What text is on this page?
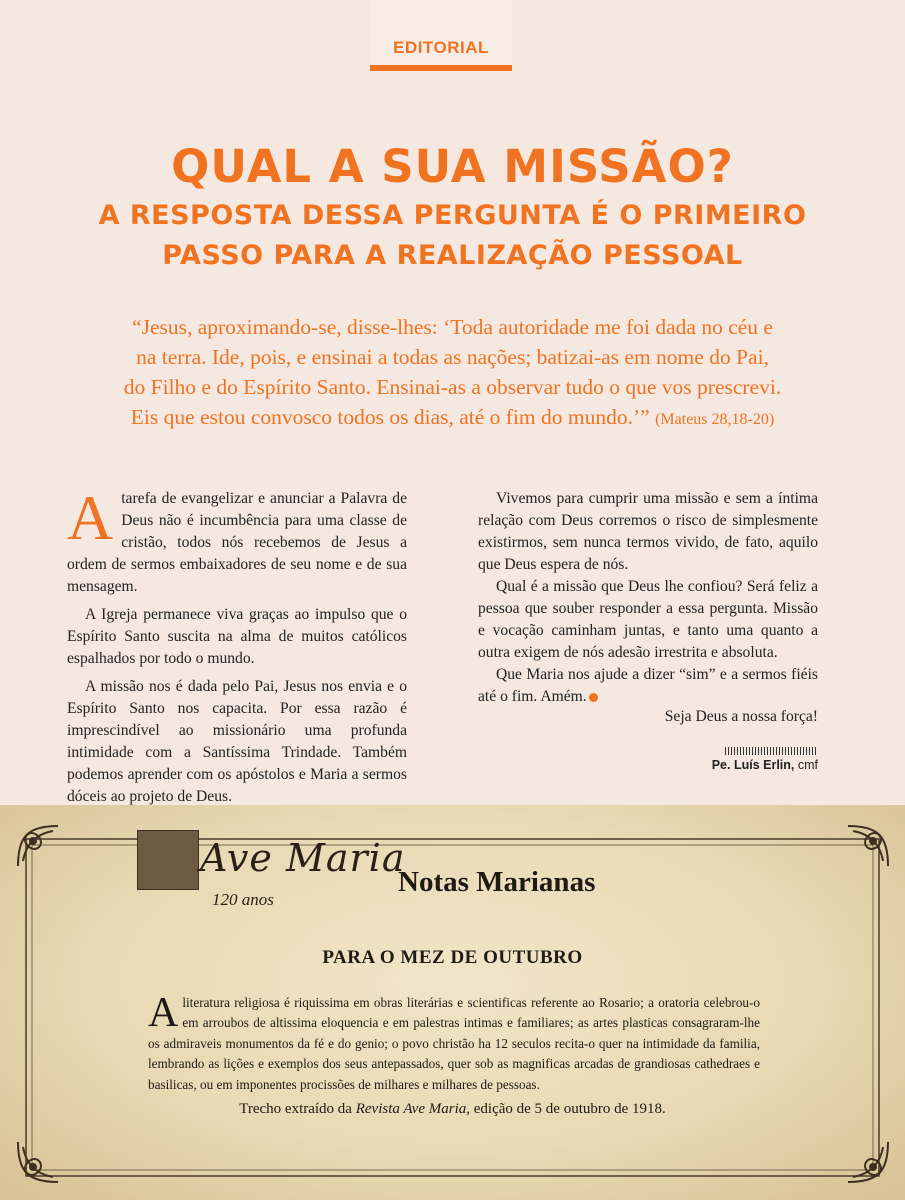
EDITORIAL
QUAL A SUA MISSÃO?
A RESPOSTA DESSA PERGUNTA É O PRIMEIRO
PASSO PARA A REALIZAÇÃO PESSOAL
“Jesus, aproximando-se, disse-lhes: ‘Toda autoridade me foi dada no céu e
na terra. Ide, pois, e ensinai a todas as nações; batizai-as em nome do Pai,
do Filho e do Espírito Santo. Ensinai-as a observar tudo o que vos prescrevi.
Eis que estou convosco todos os dias, até o fim do mundo.’” (Mateus 28,18-20)

Atarefa de evangelizar e anunciar a Palavra de Deus não é incumbência para uma classe de cristão, todos nós recebemos de Jesus a ordem de sermos embaixadores de seu nome e de sua mensagem.

A Igreja permanece viva graças ao impulso que o Espírito Santo suscita na alma de muitos católicos espalhados por todo o mundo.

A missão nos é dada pelo Pai, Jesus nos envia e o Espírito Santo nos capacita. Por essa razão é imprescindível ao missionário uma profunda intimidade com a Santíssima Trindade. Também podemos aprender com os apóstolos e Maria a sermos dóceis ao projeto de Deus.

Vivemos para cumprir uma missão e sem a íntima relação com Deus corremos o risco de simplesmente existirmos, sem nunca termos vivido, de fato, aquilo que Deus espera de nós.

Qual é a missão que Deus lhe confiou? Será feliz a pessoa que souber responder a essa pergunta. Missão e vocação caminham juntas, e tanto uma quanto a outra exigem de nós adesão irrestrita e absoluta.

Que Maria nos ajude a dizer “sim” e a sermos fiéis até o fim. Amém.

Seja Deus a nossa força!
Pe. Luís Erlin, cmf
Ave Maria
120 anos
Notas Marianas
PARA O MEZ DE OUTUBRO
A literatura religiosa é riquissima em obras literárias e scientificas referente ao Rosario; a oratoria celebrou-o em arroubos de altissima eloquencia e em palestras intimas e familiares; as artes plasticas consagraram-lhe os admiraveis monumentos da fé e do genio; o povo christão ha 12 seculos recita-o quer na intimidade da familia, lembrando as lições e exemplos dos seus antepassados, quer sob as magnificas arcadas de grandiosas cathedraes e basilicas, ou em imponentes procissões de milhares e milhares de pessoas.
Trecho extraído da Revista Ave Maria, edição de 5 de outubro de 1918.
